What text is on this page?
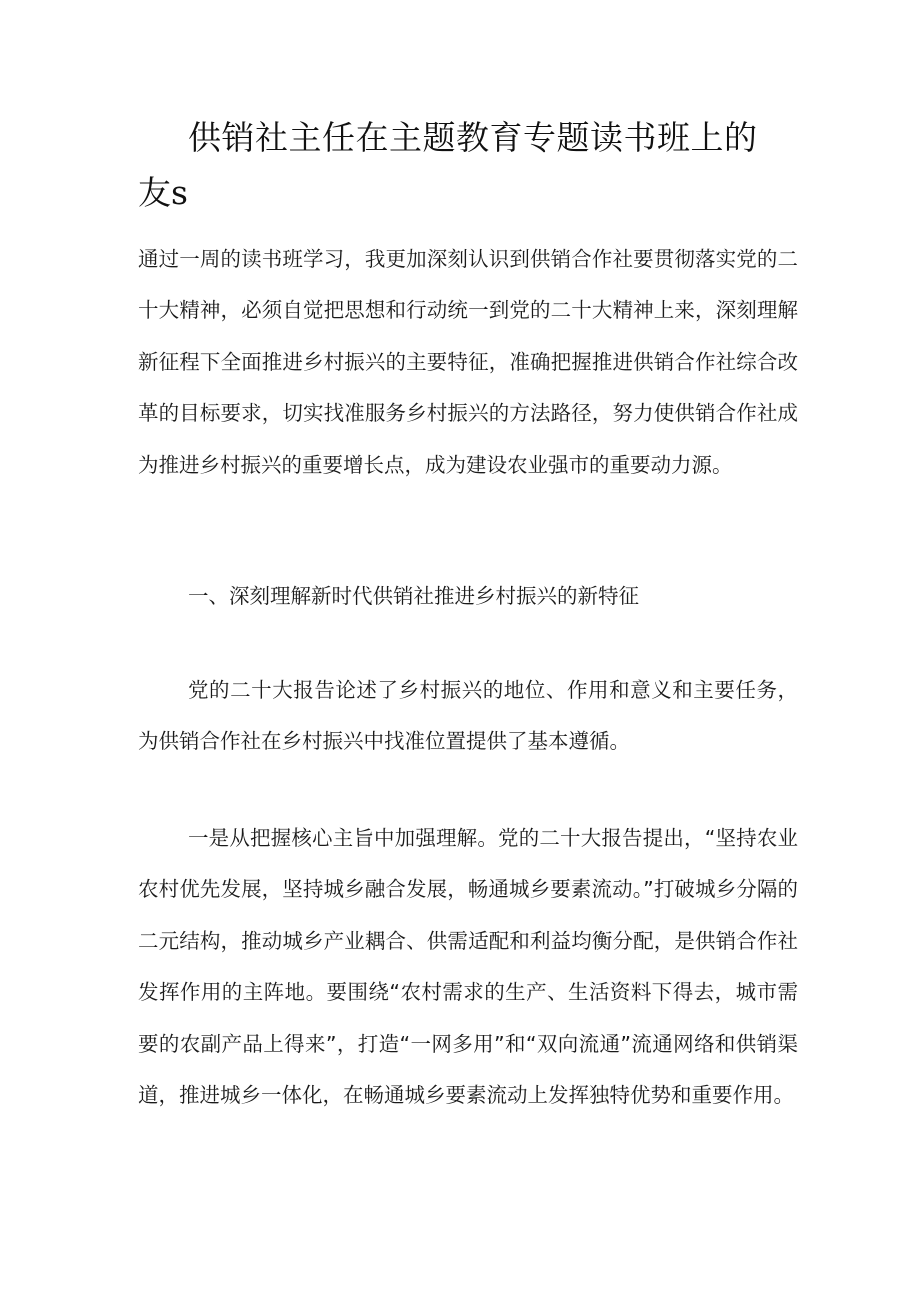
供销社主任在主题教育专题读书班上的
友s

通过一周的读书班学习，我更加深刻认识到供销合作社要贯彻落实党的二十大精神，必须自觉把思想和行动统一到党的二十大精神上来，深刻理解新征程下全面推进乡村振兴的主要特征，准确把握推进供销合作社综合改革的目标要求，切实找准服务乡村振兴的方法路径，努力使供销合作社成为推进乡村振兴的重要增长点，成为建设农业强市的重要动力源。

一、深刻理解新时代供销社推进乡村振兴的新特征

党的二十大报告论述了乡村振兴的地位、作用和意义和主要任务，为供销合作社在乡村振兴中找准位置提供了基本遵循。

一是从把握核心主旨中加强理解。党的二十大报告提出，“坚持农业农村优先发展，坚持城乡融合发展，畅通城乡要素流动。”打破城乡分隔的二元结构，推动城乡产业耦合、供需适配和利益均衡分配，是供销合作社发挥作用的主阵地。要围绕“农村需求的生产、生活资料下得去，城市需要的农副产品上得来”，打造“一网多用”和“双向流通”流通网络和供销渠道，推进城乡一体化，在畅通城乡要素流动上发挥独特优势和重要作用。
